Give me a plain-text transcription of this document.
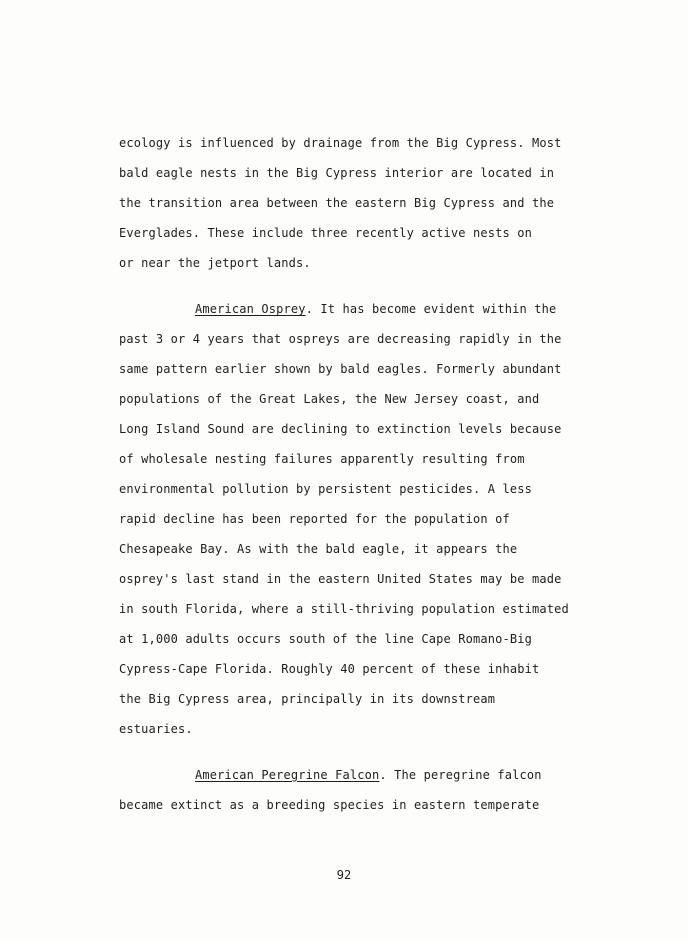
ecology is influenced by drainage from the Big Cypress. Most
bald eagle nests in the Big Cypress interior are located in
the transition area between the eastern Big Cypress and the
Everglades. These include three recently active nests on
or near the jetport lands.
American Osprey. It has become evident within the
past 3 or 4 years that ospreys are decreasing rapidly in the
same pattern earlier shown by bald eagles. Formerly abundant
populations of the Great Lakes, the New Jersey coast, and
Long Island Sound are declining to extinction levels because
of wholesale nesting failures apparently resulting from
environmental pollution by persistent pesticides. A less
rapid decline has been reported for the population of
Chesapeake Bay. As with the bald eagle, it appears the
osprey's last stand in the eastern United States may be made
in south Florida, where a still-thriving population estimated
at 1,000 adults occurs south of the line Cape Romano-Big
Cypress-Cape Florida. Roughly 40 percent of these inhabit
the Big Cypress area, principally in its downstream
estuaries.
American Peregrine Falcon. The peregrine falcon
became extinct as a breeding species in eastern temperate
92
